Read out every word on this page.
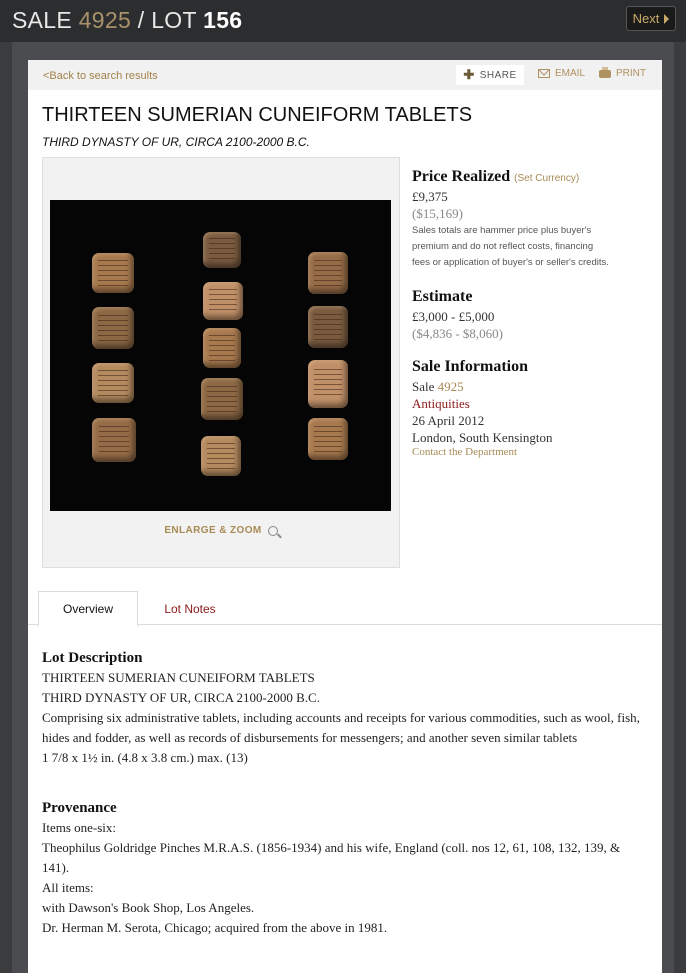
SALE 4925 / LOT 156	Next
<Back to search results	✚ SHARE	EMAIL	PRINT
THIRTEEN SUMERIAN CUNEIFORM TABLETS
THIRD DYNASTY OF UR, CIRCA 2100-2000 B.C.
ENLARGE & ZOOM
Price Realized (Set Currency)
£9,375
($15,169)
Sales totals are hammer price plus buyer's premium and do not reflect costs, financing fees or application of buyer's or seller's credits.
Estimate
£3,000 - £5,000
($4,836 - $8,060)
Sale Information
Sale 4925
Antiquities
26 April 2012
London, South Kensington
Contact the Department
Overview	Lot Notes
Lot Description

THIRTEEN SUMERIAN CUNEIFORM TABLETS

THIRD DYNASTY OF UR, CIRCA 2100-2000 B.C.

Comprising six administrative tablets, including accounts and receipts for various commodities, such as wool, fish, hides and fodder, as well as records of disbursements for messengers; and another seven similar tablets

1 7/8 x 1½ in. (4.8 x 3.8 cm.) max. (13)

Provenance

Items one-six:

Theophilus Goldridge Pinches M.R.A.S. (1856-1934) and his wife, England (coll. nos 12, 61, 108, 132, 139, & 141).

All items:

with Dawson's Book Shop, Los Angeles.

Dr. Herman M. Serota, Chicago; acquired from the above in 1981.
